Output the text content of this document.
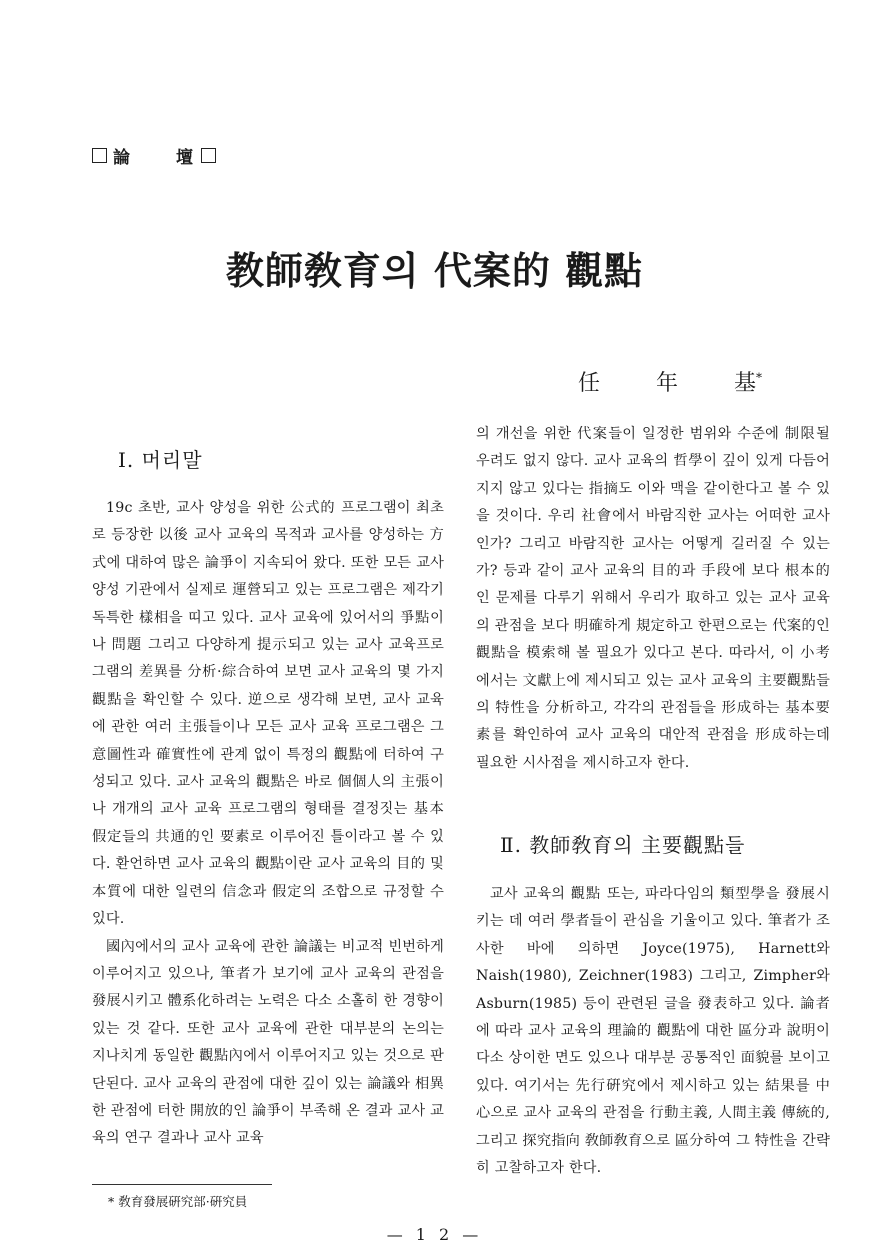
論	壇
教師敎育의 代案的 觀點
任	年	基*
Ⅰ. 머리말

19c 초반, 교사 양성을 위한 公式的 프로그램이 최초로 등장한 以後 교사 교육의 목적과 교사를 양성하는 方式에 대하여 많은 論爭이 지속되어 왔다. 또한 모든 교사 양성 기관에서 실제로 運營되고 있는 프로그램은 제각기 독특한 樣相을 띠고 있다. 교사 교육에 있어서의 爭點이나 問題 그리고 다양하게 提示되고 있는 교사 교육프로그램의 差異를 分析·綜合하여 보면 교사 교육의 몇 가지 觀點을 확인할 수 있다. 逆으로 생각해 보면, 교사 교육에 관한 여러 主張들이나 모든 교사 교육 프로그램은 그 意圖性과 確實性에 관계 없이 특정의 觀點에 터하여 구성되고 있다. 교사 교육의 觀點은 바로 個個人의 主張이나 개개의 교사 교육 프로그램의 형태를 결정짓는 基本假定들의 共通的인 要素로 이루어진 틀이라고 볼 수 있다. 환언하면 교사 교육의 觀點이란 교사 교육의 目的 및 本質에 대한 일련의 信念과 假定의 조합으로 규정할 수 있다.

國內에서의 교사 교육에 관한 論議는 비교적 빈번하게 이루어지고 있으나, 筆者가 보기에 교사 교육의 관점을 發展시키고 體系化하려는 노력은 다소 소홀히 한 경향이 있는 것 같다. 또한 교사 교육에 관한 대부분의 논의는 지나치게 동일한 觀點內에서 이루어지고 있는 것으로 판단된다. 교사 교육의 관점에 대한 깊이 있는 論議와 相異한 관점에 터한 開放的인 論爭이 부족해 온 결과 교사 교육의 연구 결과나 교사 교육

의 개선을 위한 代案들이 일정한 범위와 수준에 制限될 우려도 없지 않다. 교사 교육의 哲學이 깊이 있게 다듬어지지 않고 있다는 指摘도 이와 맥을 같이한다고 볼 수 있을 것이다. 우리 社會에서 바람직한 교사는 어떠한 교사인가? 그리고 바람직한 교사는 어떻게 길러질 수 있는가? 등과 같이 교사 교육의 目的과 手段에 보다 根本的인 문제를 다루기 위해서 우리가 取하고 있는 교사 교육의 관점을 보다 明確하게 規定하고 한편으로는 代案的인 觀點을 模索해 볼 필요가 있다고 본다. 따라서, 이 小考에서는 文獻上에 제시되고 있는 교사 교육의 主要觀點들의 特性을 分析하고, 각각의 관점들을 形成하는 基本要素를 확인하여 교사 교육의 대안적 관점을 形成하는데 필요한 시사점을 제시하고자 한다.

Ⅱ. 教師敎育의 主要觀點들

교사 교육의 觀點 또는, 파라다임의 類型學을 發展시키는 데 여러 學者들이 관심을 기울이고 있다. 筆者가 조사한 바에 의하면 Joyce(1975), Harnett와 Naish(1980), Zeichner(1983) 그리고, Zimpher와 Asburn(1985) 등이 관련된 글을 發表하고 있다. 論者에 따라 교사 교육의 理論的 觀點에 대한 區分과 說明이 다소 상이한 면도 있으나 대부분 공통적인 面貌를 보이고 있다. 여기서는 先行硏究에서 제시하고 있는 結果를 中心으로 교사 교육의 관점을 行動主義, 人間主義 傳統的, 그리고 探究指向 敎師敎育으로 區分하여 그 特性을 간략히 고찰하고자 한다.

* 敎育發展硏究部·硏究員
— 1 2 —
